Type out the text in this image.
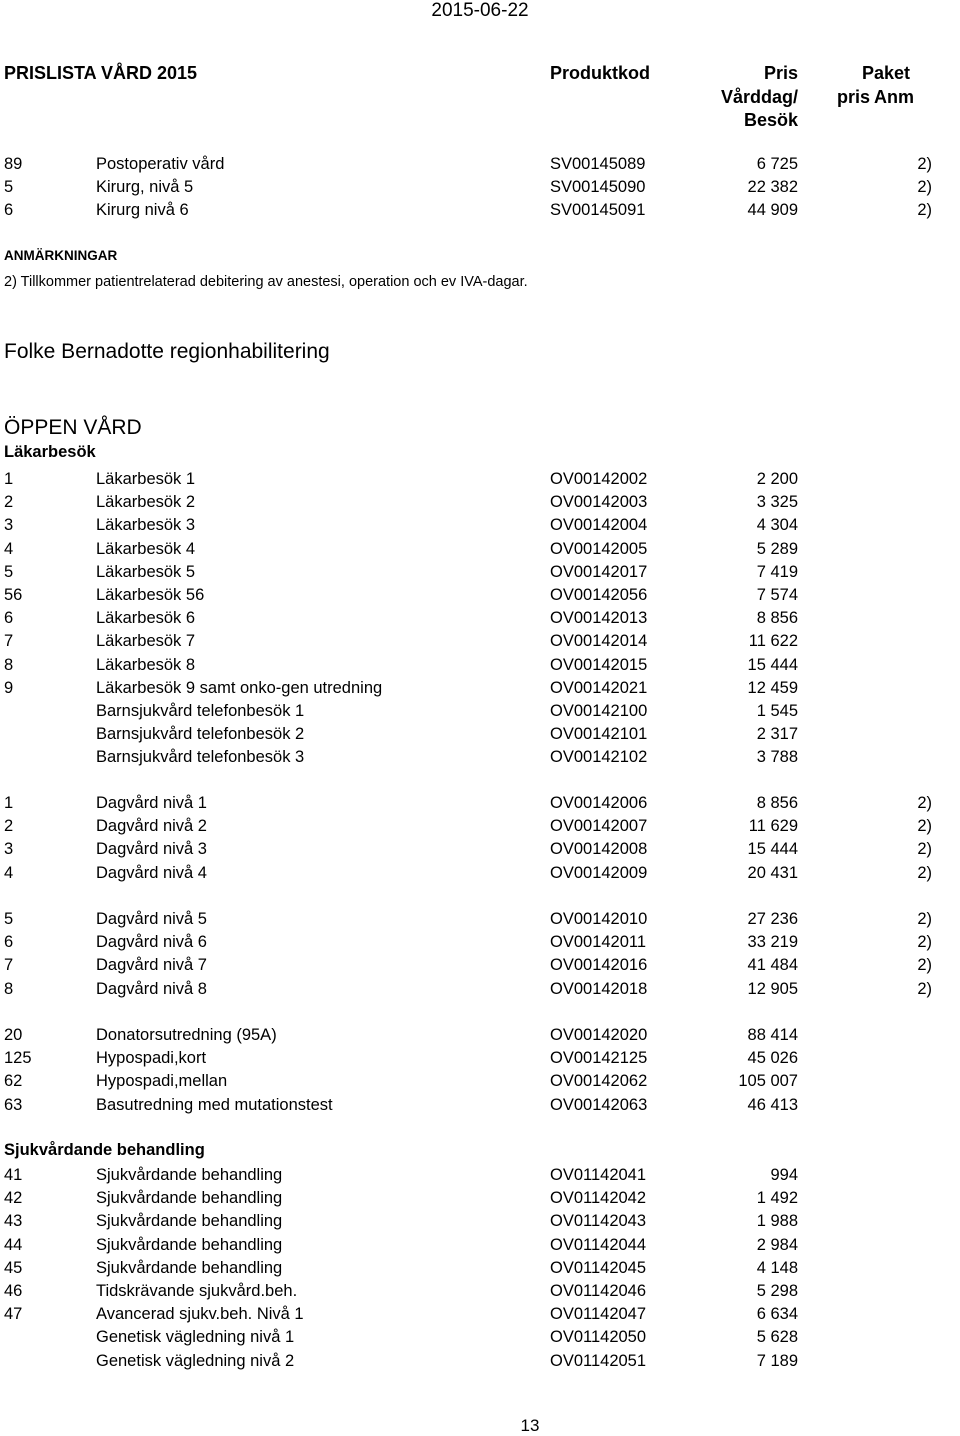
2015-06-22
PRISLISTA VÅRD 2015	Produktkod	Pris
Vårddag/
Besök
Paket
pris Anm
89	Postoperativ vård	SV00145089	6 725	2)
5	Kirurg, nivå 5	SV00145090	22 382	2)
6	Kirurg nivå 6	SV00145091	44 909	2)
ANMÄRKNINGAR
2) Tillkommer patientrelaterad debitering av anestesi, operation och ev IVA-dagar.
Folke Bernadotte regionhabilitering
ÖPPEN VÅRD
Läkarbesök
1	Läkarbesök 1	OV00142002	2 200
2	Läkarbesök 2	OV00142003	3 325
3	Läkarbesök 3	OV00142004	4 304
4	Läkarbesök 4	OV00142005	5 289
5	Läkarbesök 5	OV00142017	7 419
56	Läkarbesök 56	OV00142056	7 574
6	Läkarbesök 6	OV00142013	8 856
7	Läkarbesök 7	OV00142014	11 622
8	Läkarbesök 8	OV00142015	15 444
9	Läkarbesök 9 samt onko-gen utredning	OV00142021	12 459
Barnsjukvård telefonbesök 1	OV00142100	1 545
Barnsjukvård telefonbesök 2	OV00142101	2 317
Barnsjukvård telefonbesök 3	OV00142102	3 788
1	Dagvård nivå 1	OV00142006	8 856	2)
2	Dagvård nivå 2	OV00142007	11 629	2)
3	Dagvård nivå 3	OV00142008	15 444	2)
4	Dagvård nivå 4	OV00142009	20 431	2)
5	Dagvård nivå 5	OV00142010	27 236	2)
6	Dagvård nivå 6	OV00142011	33 219	2)
7	Dagvård nivå 7	OV00142016	41 484	2)
8	Dagvård nivå 8	OV00142018	12 905	2)
20	Donatorsutredning (95A)	OV00142020	88 414
125	Hypospadi,kort	OV00142125	45 026
62	Hypospadi,mellan	OV00142062	105 007
63	Basutredning med mutationstest	OV00142063	46 413
Sjukvårdande behandling
41	Sjukvårdande behandling	OV01142041	994
42	Sjukvårdande behandling	OV01142042	1 492
43	Sjukvårdande behandling	OV01142043	1 988
44	Sjukvårdande behandling	OV01142044	2 984
45	Sjukvårdande behandling	OV01142045	4 148
46	Tidskrävande sjukvård.beh.	OV01142046	5 298
47	Avancerad sjukv.beh. Nivå 1	OV01142047	6 634
Genetisk vägledning nivå 1	OV01142050	5 628
Genetisk vägledning nivå 2	OV01142051	7 189
13
